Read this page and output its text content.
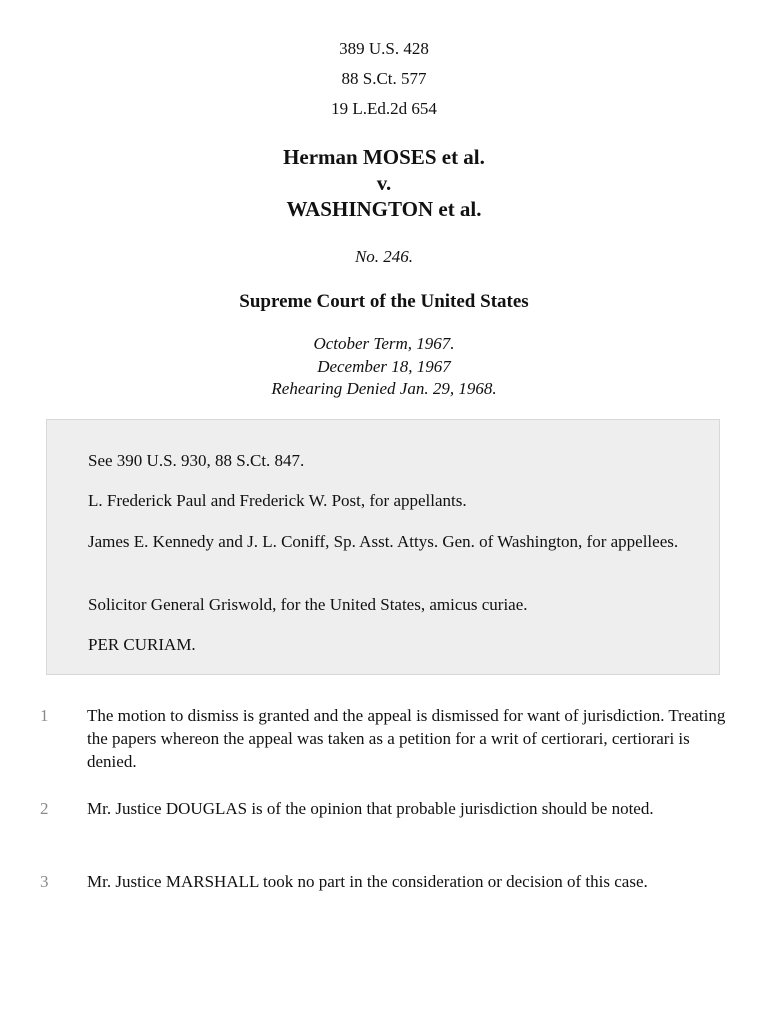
389 U.S. 428
88 S.Ct. 577
19 L.Ed.2d 654
Herman MOSES et al.
v.
WASHINGTON et al.
No. 246.
Supreme Court of the United States
October Term, 1967.
December 18, 1967
Rehearing Denied Jan. 29, 1968.

See 390 U.S. 930, 88 S.Ct. 847.

L. Frederick Paul and Frederick W. Post, for appellants.

James E. Kennedy and J. L. Coniff, Sp. Asst. Attys. Gen. of Washington, for appellees.

Solicitor General Griswold, for the United States, amicus curiae.

PER CURIAM.

1	The motion to dismiss is granted and the appeal is dismissed for want of jurisdiction. Treating the papers whereon the appeal was taken as a petition for a writ of certiorari, certiorari is denied.

2	Mr. Justice DOUGLAS is of the opinion that probable jurisdiction should be noted.

3	Mr. Justice MARSHALL took no part in the consideration or decision of this case.
